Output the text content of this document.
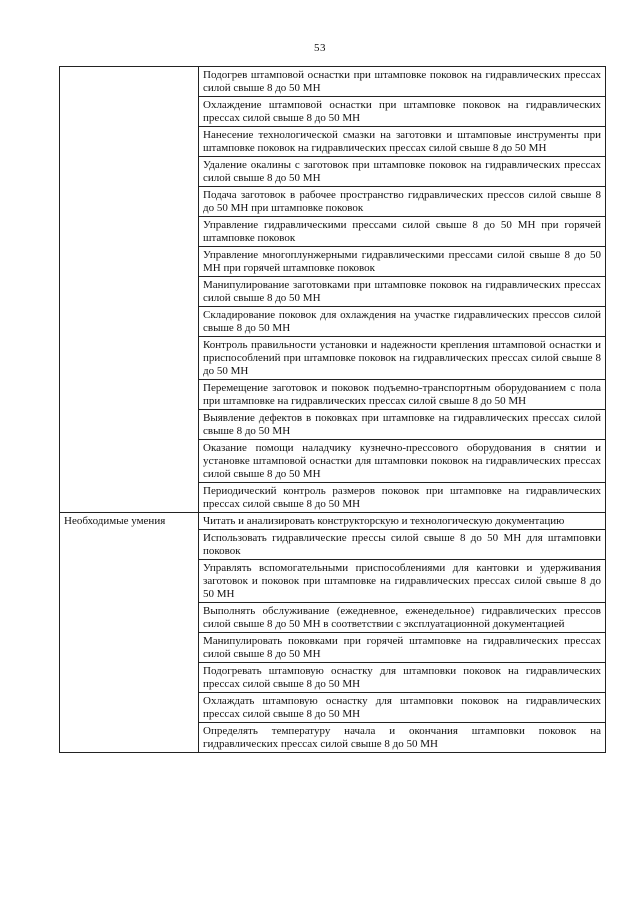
53
	Подогрев штамповой оснастки при штамповке поковок на гидравлических прессах силой свыше 8 до 50 МН
	Охлаждение штамповой оснастки при штамповке поковок на гидравлических прессах силой свыше 8 до 50 МН
	Нанесение технологической смазки на заготовки и штамповые инструменты при штамповке поковок на гидравлических прессах силой свыше 8 до 50 МН
	Удаление окалины с заготовок при штамповке поковок на гидравлических прессах силой свыше 8 до 50 МН
	Подача заготовок в рабочее пространство гидравлических прессов силой свыше 8 до 50 МН при штамповке поковок
	Управление гидравлическими прессами силой свыше 8 до 50 МН при горячей штамповке поковок
	Управление многоплунжерными гидравлическими прессами силой свыше 8 до 50 МН при горячей штамповке поковок
	Манипулирование заготовками при штамповке поковок на гидравлических прессах силой свыше 8 до 50 МН
	Складирование поковок для охлаждения на участке гидравлических прессов силой свыше 8 до 50 МН
	Контроль правильности установки и надежности крепления штамповой оснастки и приспособлений при штамповке поковок на гидравлических прессах силой свыше 8 до 50 МН
	Перемещение заготовок и поковок подъемно-транспортным оборудованием с пола при штамповке на гидравлических прессах силой свыше 8 до 50 МН
	Выявление дефектов в поковках при штамповке на гидравлических прессах силой свыше 8 до 50 МН
	Оказание помощи наладчику кузнечно-прессового оборудования в снятии и установке штамповой оснастки для штамповки поковок на гидравлических прессах силой свыше 8 до 50 МН
	Периодический контроль размеров поковок при штамповке на гидравлических прессах силой свыше 8 до 50 МН

Необходимые умения	Читать и анализировать конструкторскую и технологическую документацию
	Использовать гидравлические прессы силой свыше 8 до 50 МН для штамповки поковок
	Управлять вспомогательными приспособлениями для кантовки и удерживания заготовок и поковок при штамповке на гидравлических прессах силой свыше 8 до 50 МН
	Выполнять обслуживание (ежедневное, еженедельное) гидравлических прессов силой свыше 8 до 50 МН в соответствии с эксплуатационной документацией
	Манипулировать поковками при горячей штамповке на гидравлических прессах силой свыше 8 до 50 МН
	Подогревать штамповую оснастку для штамповки поковок на гидравлических прессах силой свыше 8 до 50 МН
	Охлаждать штамповую оснастку для штамповки поковок на гидравлических прессах силой свыше 8 до 50 МН
	Определять температуру начала и окончания штамповки поковок на гидравлических прессах силой свыше 8 до 50 МН
